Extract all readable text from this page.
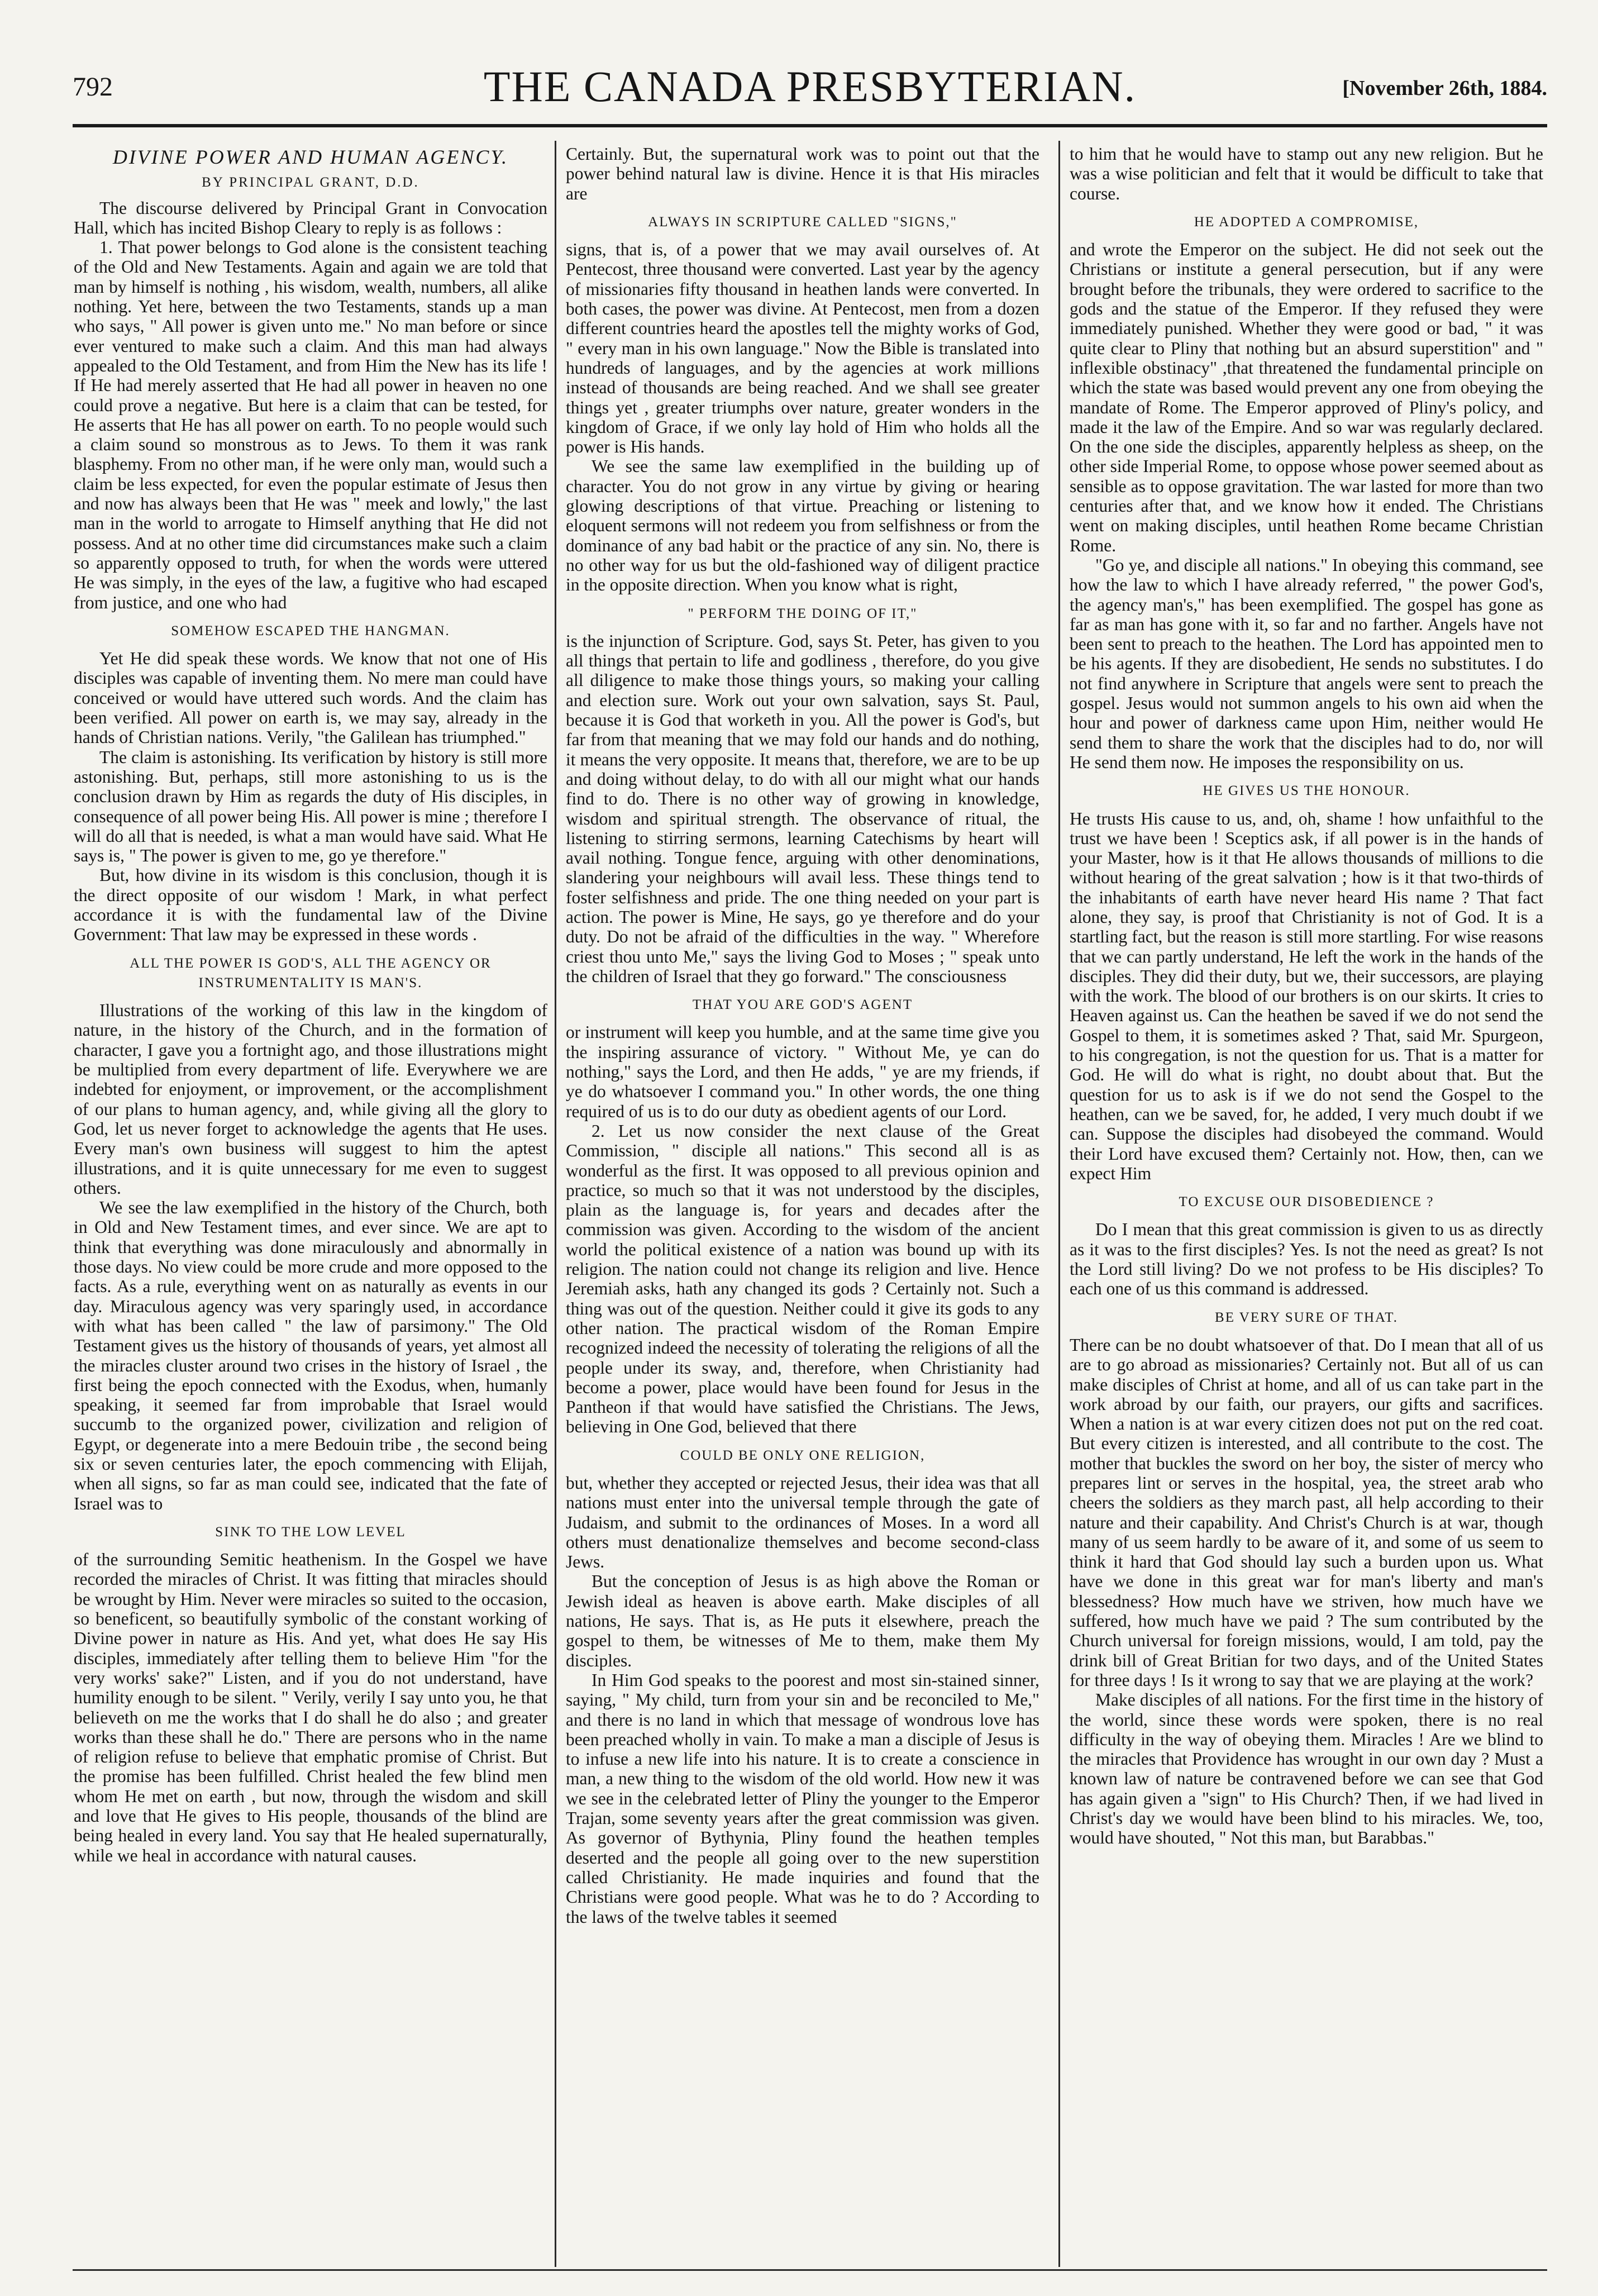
792	THE CANADA PRESBYTERIAN.	[November 26th, 1884.
DIVINE POWER AND HUMAN AGENCY.
BY PRINCIPAL GRANT, D.D.

The discourse delivered by Principal Grant in Convocation Hall, which has incited Bishop Cleary to reply is as follows :

1. That power belongs to God alone is the consistent teaching of the Old and New Testaments. Again and again we are told that man by himself is nothing , his wisdom, wealth, numbers, all alike nothing. Yet here, between the two Testaments, stands up a man who says, " All power is given unto me." No man before or since ever ventured to make such a claim. And this man had always appealed to the Old Testament, and from Him the New has its life ! If He had merely asserted that He had all power in heaven no one could prove a negative. But here is a claim that can be tested, for He asserts that He has all power on earth. To no people would such a claim sound so monstrous as to Jews. To them it was rank blasphemy. From no other man, if he were only man, would such a claim be less expected, for even the popular estimate of Jesus then and now has always been that He was " meek and lowly," the last man in the world to arrogate to Himself anything that He did not possess. And at no other time did circumstances make such a claim so apparently opposed to truth, for when the words were uttered He was simply, in the eyes of the law, a fugitive who had escaped from justice, and one who had

SOMEHOW ESCAPED THE HANGMAN.

Yet He did speak these words. We know that not one of His disciples was capable of inventing them. No mere man could have conceived or would have uttered such words. And the claim has been verified. All power on earth is, we may say, already in the hands of Christian nations. Verily, "the Galilean has triumphed."

The claim is astonishing. Its verification by history is still more astonishing. But, perhaps, still more astonishing to us is the conclusion drawn by Him as regards the duty of His disciples, in consequence of all power being His. All power is mine ; therefore I will do all that is needed, is what a man would have said. What He says is, " The power is given to me, go ye therefore."

But, how divine in its wisdom is this conclusion, though it is the direct opposite of our wisdom ! Mark, in what perfect accordance it is with the fundamental law of the Divine Government: That law may be expressed in these words .

ALL THE POWER IS GOD'S, ALL THE AGENCY OR INSTRUMENTALITY IS MAN'S.

Illustrations of the working of this law in the kingdom of nature, in the history of the Church, and in the formation of character, I gave you a fortnight ago, and those illustrations might be multiplied from every department of life. Everywhere we are indebted for enjoyment, or improvement, or the accomplishment of our plans to human agency, and, while giving all the glory to God, let us never forget to acknowledge the agents that He uses. Every man's own business will suggest to him the aptest illustrations, and it is quite unnecessary for me even to suggest others.

We see the law exemplified in the history of the Church, both in Old and New Testament times, and ever since. We are apt to think that everything was done miraculously and abnormally in those days. No view could be more crude and more opposed to the facts. As a rule, everything went on as naturally as events in our day. Miraculous agency was very sparingly used, in accordance with what has been called " the law of parsimony." The Old Testament gives us the history of thousands of years, yet almost all the miracles cluster around two crises in the history of Israel , the first being the epoch connected with the Exodus, when, humanly speaking, it seemed far from improbable that Israel would succumb to the organized power, civilization and religion of Egypt, or degenerate into a mere Bedouin tribe , the second being six or seven centuries later, the epoch commencing with Elijah, when all signs, so far as man could see, indicated that the fate of Israel was to

SINK TO THE LOW LEVEL

of the surrounding Semitic heathenism. In the Gospel we have recorded the miracles of Christ. It was fitting that miracles should be wrought by Him. Never were miracles so suited to the occasion, so beneficent, so beautifully symbolic of the constant working of Divine power in nature as His. And yet, what does He say His disciples, immediately after telling them to believe Him "for the very works' sake?" Listen, and if you do not understand, have humility enough to be silent. " Verily, verily I say unto you, he that believeth on me the works that I do shall he do also ; and greater works than these shall he do." There are persons who in the name of religion refuse to believe that emphatic promise of Christ. But the promise has been fulfilled. Christ healed the few blind men whom He met on earth , but now, through the wisdom and skill and love that He gives to His people, thousands of the blind are being healed in every land. You say that He healed supernaturally, while we heal in accordance with natural causes.

Certainly. But, the supernatural work was to point out that the power behind natural law is divine. Hence it is that His miracles are

ALWAYS IN SCRIPTURE CALLED "SIGNS,"

signs, that is, of a power that we may avail ourselves of. At Pentecost, three thousand were converted. Last year by the agency of missionaries fifty thousand in heathen lands were converted. In both cases, the power was divine. At Pentecost, men from a dozen different countries heard the apostles tell the mighty works of God, " every man in his own language." Now the Bible is translated into hundreds of languages, and by the agencies at work millions instead of thousands are being reached. And we shall see greater things yet , greater triumphs over nature, greater wonders in the kingdom of Grace, if we only lay hold of Him who holds all the power is His hands.

We see the same law exemplified in the building up of character. You do not grow in any virtue by giving or hearing glowing descriptions of that virtue. Preaching or listening to eloquent sermons will not redeem you from selfishness or from the dominance of any bad habit or the practice of any sin. No, there is no other way for us but the old-fashioned way of diligent practice in the opposite direction. When you know what is right,

" PERFORM THE DOING OF IT,"

is the injunction of Scripture. God, says St. Peter, has given to you all things that pertain to life and godliness , therefore, do you give all diligence to make those things yours, so making your calling and election sure. Work out your own salvation, says St. Paul, because it is God that worketh in you. All the power is God's, but far from that meaning that we may fold our hands and do nothing, it means the very opposite. It means that, therefore, we are to be up and doing without delay, to do with all our might what our hands find to do. There is no other way of growing in knowledge, wisdom and spiritual strength. The observance of ritual, the listening to stirring sermons, learning Catechisms by heart will avail nothing. Tongue fence, arguing with other denominations, slandering your neighbours will avail less. These things tend to foster selfishness and pride. The one thing needed on your part is action. The power is Mine, He says, go ye therefore and do your duty. Do not be afraid of the difficulties in the way. " Wherefore criest thou unto Me," says the living God to Moses ; " speak unto the children of Israel that they go forward." The consciousness

THAT YOU ARE GOD'S AGENT

or instrument will keep you humble, and at the same time give you the inspiring assurance of victory. " Without Me, ye can do nothing," says the Lord, and then He adds, " ye are my friends, if ye do whatsoever I command you." In other words, the one thing required of us is to do our duty as obedient agents of our Lord.

2. Let us now consider the next clause of the Great Commission, " disciple all nations." This second all is as wonderful as the first. It was opposed to all previous opinion and practice, so much so that it was not understood by the disciples, plain as the language is, for years and decades after the commission was given. According to the wisdom of the ancient world the political existence of a nation was bound up with its religion. The nation could not change its religion and live. Hence Jeremiah asks, hath any changed its gods ? Certainly not. Such a thing was out of the question. Neither could it give its gods to any other nation. The practical wisdom of the Roman Empire recognized indeed the necessity of tolerating the religions of all the people under its sway, and, therefore, when Christianity had become a power, place would have been found for Jesus in the Pantheon if that would have satisfied the Christians. The Jews, believing in One God, believed that there

COULD BE ONLY ONE RELIGION,

but, whether they accepted or rejected Jesus, their idea was that all nations must enter into the universal temple through the gate of Judaism, and submit to the ordinances of Moses. In a word all others must denationalize themselves and become second-class Jews.

But the conception of Jesus is as high above the Roman or Jewish ideal as heaven is above earth. Make disciples of all nations, He says. That is, as He puts it elsewhere, preach the gospel to them, be witnesses of Me to them, make them My disciples.

In Him God speaks to the poorest and most sin-stained sinner, saying, " My child, turn from your sin and be reconciled to Me," and there is no land in which that message of wondrous love has been preached wholly in vain. To make a man a disciple of Jesus is to infuse a new life into his nature. It is to create a conscience in man, a new thing to the wisdom of the old world. How new it was we see in the celebrated letter of Pliny the younger to the Emperor Trajan, some seventy years after the great commission was given. As governor of Bythynia, Pliny found the heathen temples deserted and the people all going over to the new superstition called Christianity. He made inquiries and found that the Christians were good people. What was he to do ? According to the laws of the twelve tables it seemed

to him that he would have to stamp out any new religion. But he was a wise politician and felt that it would be difficult to take that course.

HE ADOPTED A COMPROMISE,

and wrote the Emperor on the subject. He did not seek out the Christians or institute a general persecution, but if any were brought before the tribunals, they were ordered to sacrifice to the gods and the statue of the Emperor. If they refused they were immediately punished. Whether they were good or bad, " it was quite clear to Pliny that nothing but an absurd superstition" and " inflexible obstinacy" ,that threatened the fundamental principle on which the state was based would prevent any one from obeying the mandate of Rome. The Emperor approved of Pliny's policy, and made it the law of the Empire. And so war was regularly declared. On the one side the disciples, apparently helpless as sheep, on the other side Imperial Rome, to oppose whose power seemed about as sensible as to oppose gravitation. The war lasted for more than two centuries after that, and we know how it ended. The Christians went on making disciples, until heathen Rome became Christian Rome.

"Go ye, and disciple all nations." In obeying this command, see how the law to which I have already referred, " the power God's, the agency man's," has been exemplified. The gospel has gone as far as man has gone with it, so far and no farther. Angels have not been sent to preach to the heathen. The Lord has appointed men to be his agents. If they are disobedient, He sends no substitutes. I do not find anywhere in Scripture that angels were sent to preach the gospel. Jesus would not summon angels to his own aid when the hour and power of darkness came upon Him, neither would He send them to share the work that the disciples had to do, nor will He send them now. He imposes the responsibility on us.

HE GIVES US THE HONOUR.

He trusts His cause to us, and, oh, shame ! how unfaithful to the trust we have been ! Sceptics ask, if all power is in the hands of your Master, how is it that He allows thousands of millions to die without hearing of the great salvation ; how is it that two-thirds of the inhabitants of earth have never heard His name ? That fact alone, they say, is proof that Christianity is not of God. It is a startling fact, but the reason is still more startling. For wise reasons that we can partly understand, He left the work in the hands of the disciples. They did their duty, but we, their successors, are playing with the work. The blood of our brothers is on our skirts. It cries to Heaven against us. Can the heathen be saved if we do not send the Gospel to them, it is sometimes asked ? That, said Mr. Spurgeon, to his congregation, is not the question for us. That is a matter for God. He will do what is right, no doubt about that. But the question for us to ask is if we do not send the Gospel to the heathen, can we be saved, for, he added, I very much doubt if we can. Suppose the disciples had disobeyed the command. Would their Lord have excused them? Certainly not. How, then, can we expect Him

TO EXCUSE OUR DISOBEDIENCE ?

Do I mean that this great commission is given to us as directly as it was to the first disciples? Yes. Is not the need as great? Is not the Lord still living? Do we not profess to be His disciples? To each one of us this command is addressed.

BE VERY SURE OF THAT.

There can be no doubt whatsoever of that. Do I mean that all of us are to go abroad as missionaries? Certainly not. But all of us can make disciples of Christ at home, and all of us can take part in the work abroad by our faith, our prayers, our gifts and sacrifices. When a nation is at war every citizen does not put on the red coat. But every citizen is interested, and all contribute to the cost. The mother that buckles the sword on her boy, the sister of mercy who prepares lint or serves in the hospital, yea, the street arab who cheers the soldiers as they march past, all help according to their nature and their capability. And Christ's Church is at war, though many of us seem hardly to be aware of it, and some of us seem to think it hard that God should lay such a burden upon us. What have we done in this great war for man's liberty and man's blessedness? How much have we striven, how much have we suffered, how much have we paid ? The sum contributed by the Church universal for foreign missions, would, I am told, pay the drink bill of Great Britian for two days, and of the United States for three days ! Is it wrong to say that we are playing at the work?

Make disciples of all nations. For the first time in the history of the world, since these words were spoken, there is no real difficulty in the way of obeying them. Miracles ! Are we blind to the miracles that Providence has wrought in our own day ? Must a known law of nature be contravened before we can see that God has again given a "sign" to His Church? Then, if we had lived in Christ's day we would have been blind to his miracles. We, too, would have shouted, " Not this man, but Barabbas."
